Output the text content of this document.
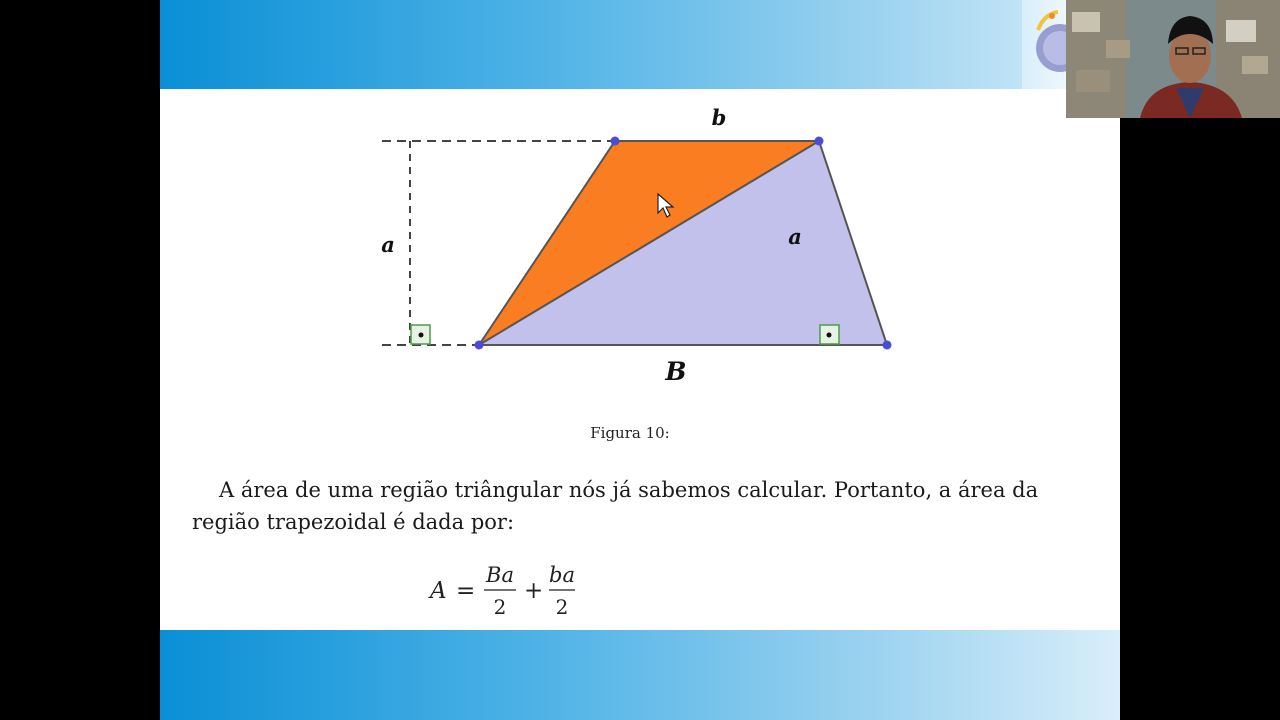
b
B
a	a
Figura 10:
A área de uma região triângular nós já sabemos calcular. Portanto, a área da região trapezoidal é dada por:
A =
Ba
2
+
ba
2
